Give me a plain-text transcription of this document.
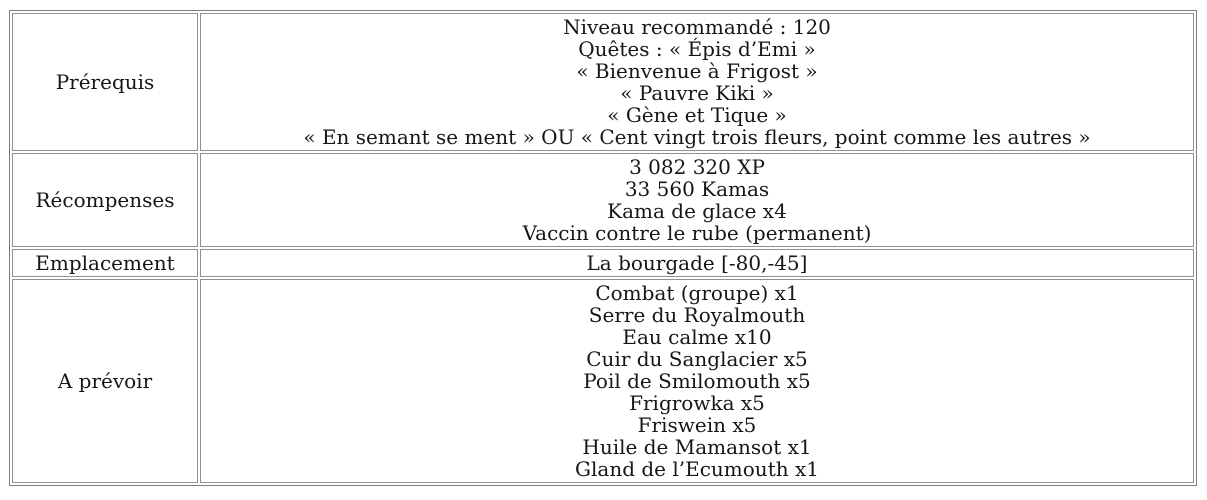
Prérequis	
Niveau recommandé : 120
Quêtes : « Épis d’Emi »
« Bienvenue à Frigost »
« Pauvre Kiki »
« Gène et Tique »
« En semant se ment » OU « Cent vingt trois fleurs, point comme les autres »

Récompenses	3 082 320 XP
33 560 Kamas
Kama de glace x4
Vaccin contre le rube (permanent)

Emplacement	La bourgade [-80,-45]

A prévoir	
Combat (groupe) x1
Serre du Royalmouth
Eau calme x10
Cuir du Sanglacier x5
Poil de Smilomouth x5
Frigrowka x5
Friswein x5
Huile de Mamansot x1
Gland de l’Ecumouth x1
